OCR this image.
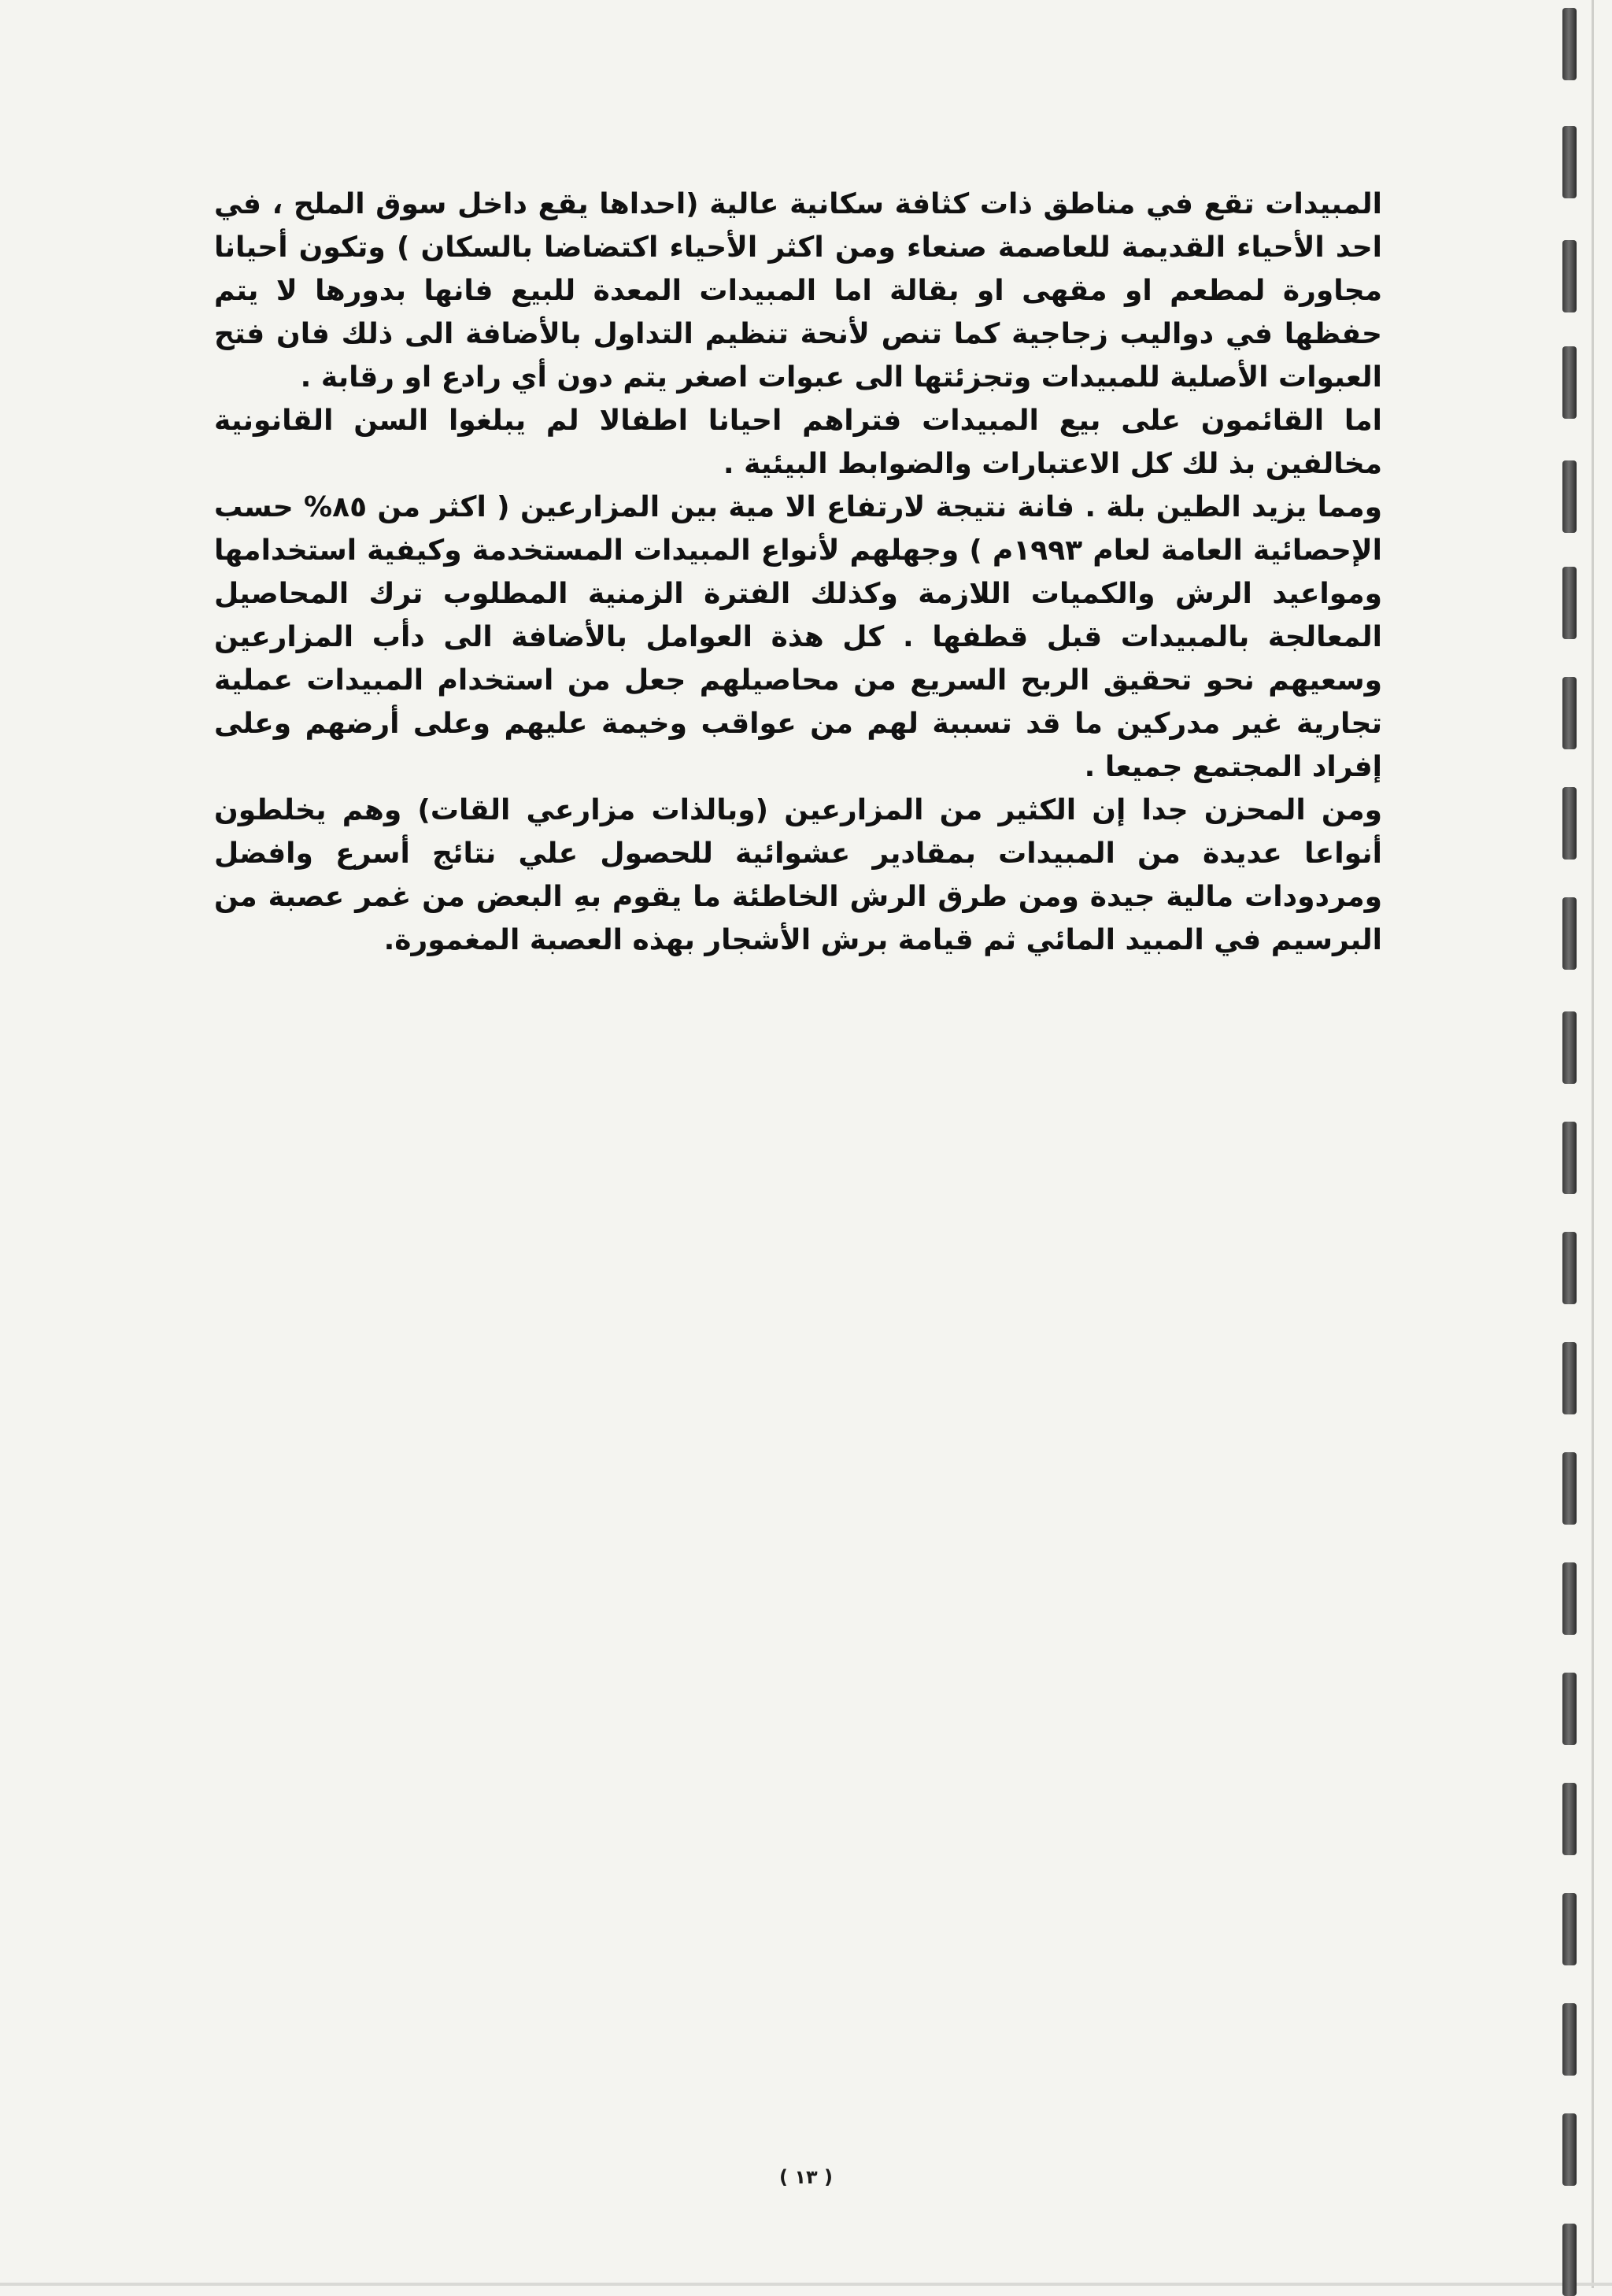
المبيدات تقع في مناطق ذات كثافة سكانية عالية (احداها يقع داخل سوق الملح ، في احد الأحياء القديمة للعاصمة صنعاء ومن اكثر الأحياء اكتضاضا بالسكان ) وتكون أحيانا مجاورة لمطعم او مقهى او بقالة اما المبيدات المعدة للبيع فانها بدورها لا يتم حفظها في دواليب زجاجية كما تنص لأنحة تنظيم التداول بالأضافة الى ذلك فان فتح العبوات الأصلية للمبيدات وتجزئتها الى عبوات اصغر يتم دون أي رادع او رقابة .

اما القائمون على بيع المبيدات فتراهم احيانا اطفالا لم يبلغوا السن القانونية مخالفين بذ لك كل الاعتبارات والضوابط البيئية .

ومما يزيد الطين بلة . فانة نتيجة لارتفاع الا مية بين المزارعين ( اكثر من ٨٥% حسب الإحصائية العامة لعام ١٩٩٣م ) وجهلهم لأنواع المبيدات المستخدمة وكيفية استخدامها ومواعيد الرش والكميات اللازمة وكذلك الفترة الزمنية المطلوب ترك المحاصيل المعالجة بالمبيدات قبل قطفها . كل هذة العوامل بالأضافة الى دأب المزارعين وسعيهم نحو تحقيق الربح السريع من محاصيلهم جعل من استخدام المبيدات عملية تجارية غير مدركين ما قد تسببة لهم من عواقب وخيمة عليهم وعلى أرضهم وعلى إفراد المجتمع جميعا .

ومن المحزن جدا إن الكثير من المزارعين (وبالذات مزارعي القات) وهم يخلطون أنواعا عديدة من المبيدات بمقادير عشوائية للحصول علي نتائج أسرع وافضل ومردودات مالية جيدة ومن طرق الرش الخاطئة ما يقوم بهِ البعض من غمر عصبة من البرسيم في المبيد المائي ثم قيامة برش الأشجار بهذه العصبة المغمورة.

( ١٣ )
